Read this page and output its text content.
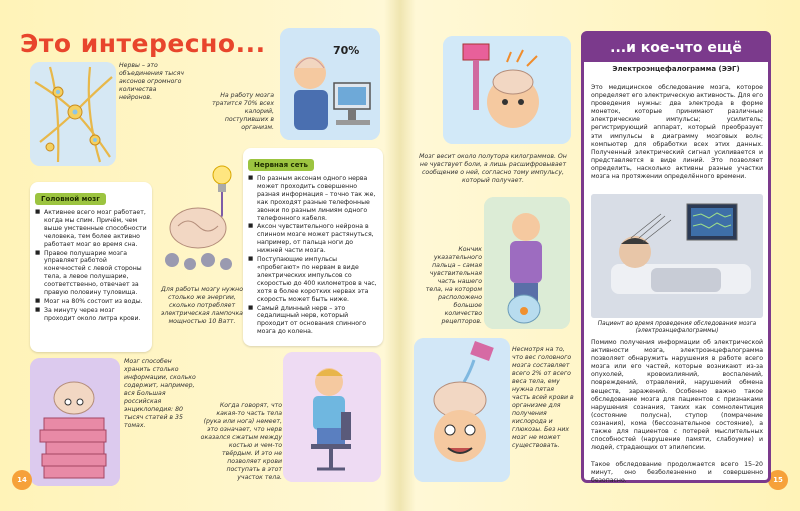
Это интересно...
Нервы – это объединения тысяч аксонов огромного количества нейронов.
70%
На работу мозга тратится 70% всех калорий, поступивших в организм.
Головной мозг
■ Активнее всего мозг работает, когда мы спим. Причём, чем выше умственные способности человека, тем более активно работает мозг во время сна.
■ Правое полушарие мозга управляет работой конечностей с левой стороны тела, а левое полушарие, соответственно, отвечает за правую половину туловища.
■ Мозг на 80% состоит из воды.
■ За минуту через мозг проходит около литра крови.
Для работы мозгу нужно столько же энергии, сколько потребляет электрическая лампочка мощностью 10 Ватт.
Нервная сеть
■ По разным аксонам одного нерва может проходить совершенно разная информация – точно так же, как проходят разные телефонные звонки по разным линиям одного телефонного кабеля.
■ Аксон чувствительного нейрона в спинном мозге может растянуться, например, от пальца ноги до нижней части мозга.
■ Поступающие импульсы «пробегают» по нервам в виде электрических импульсов со скоростью до 400 километров в час, хотя в более коротких нервах эта скорость может быть ниже.
■ Самый длинный нерв – это седалищный нерв, который проходит от основания спинного мозга до колена.
Мозг способен хранить столько информации, сколько содержит, например, вся Большая российская энциклопедия: 80 тысяч статей в 35 томах.
Когда говорят, что какая-то часть тела (рука или нога) немеет, это означает, что нерв оказался сжатым между костью и чем-то твёрдым. И это не позволяет крови поступать в этот участок тела.
Мозг весит около полутора килограммов. Он не чувствует боли, а лишь расшифровывает сообщение о ней, согласно тому импульсу, который получает.
Кончик указательного пальца – самая чувствительная часть нашего тела, на котором расположено большое количество рецепторов.
Несмотря на то, что вес головного мозга составляет всего 2% от всего веса тела, ему нужна пятая часть всей крови в организме для получения кислорода и глюкозы. Без них мозг не может существовать.
14	15
...и кое-что ещё
Электроэнцефалограмма (ЭЭГ)
Это медицинское обследование мозга, которое определяет его электрическую активность. Для его проведения нужны: два электрода в форме монеток, которые принимают различные электрические импульсы; усилитель; регистрирующий аппарат, который преобразует эти импульсы в диаграмму мозговых волн; компьютер для обработки всех этих данных. Полученный электрический сигнал усиливается и представляется в виде линий. Это позволяет определить, насколько активны разные участки мозга на протяжении определённого времени.
Пациент во время проведения обследования мозга (электроэнцефалограммы)
Помимо получения информации об электрической активности мозга, электроэнцефалограмма позволяет обнаружить нарушения в работе всего мозга или его частей, которые возникают из-за опухолей, кровоизлияний, воспалений, повреждений, отравлений, нарушений обмена веществ, заражений. Особенно важно такое обследование мозга для пациентов с признаками нарушения сознания, таких как сомнолентиция (состояние полусна), ступор (помрачение сознания), кома (бессознательное состояние), а также для пациентов с потерей мыслительных способностей (нарушение памяти, слабоумие) и людей, страдающих от эпилепсии.
Такое обследование продолжается всего 15–20 минут, оно безболезненно и совершенно безопасно.
